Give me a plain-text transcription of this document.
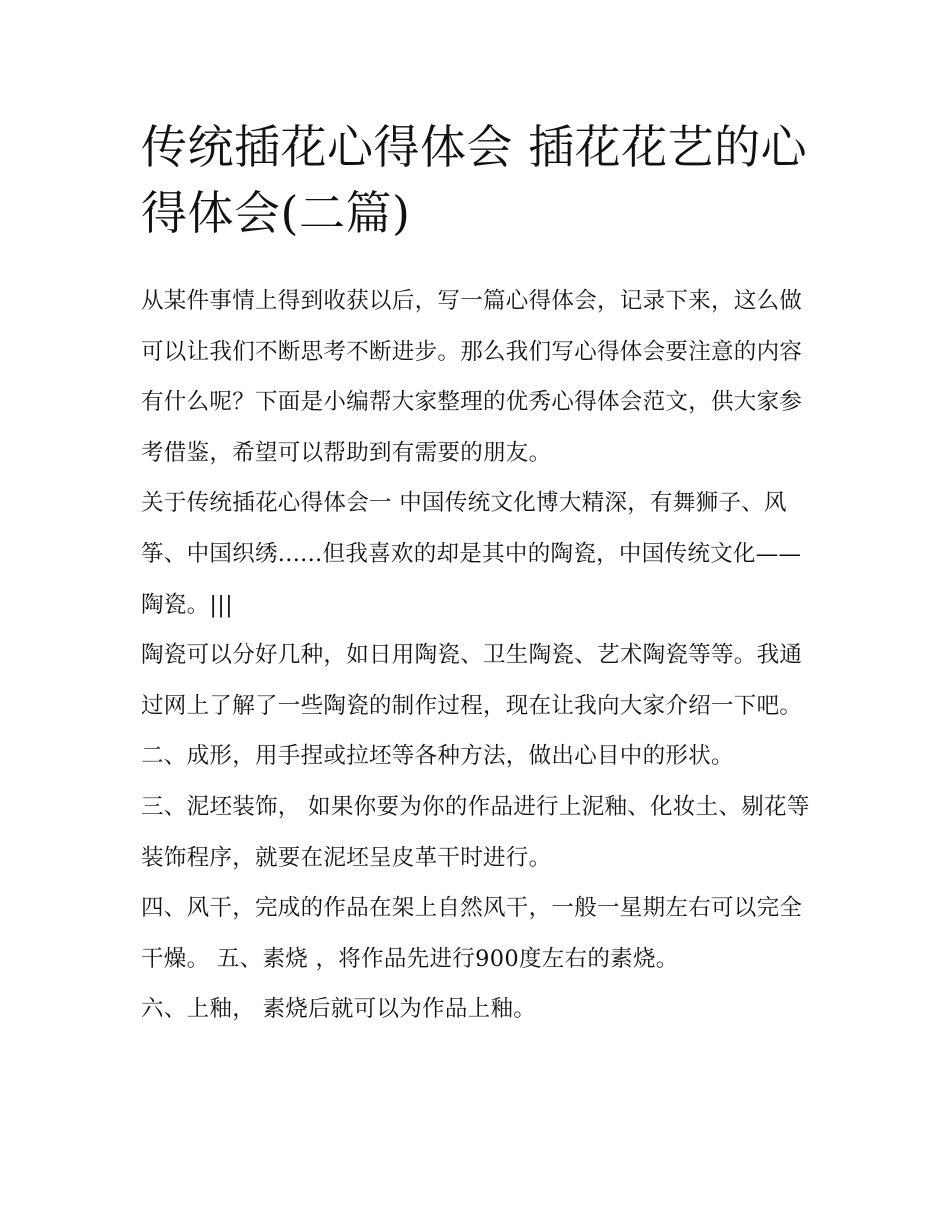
传统插花心得体会 插花花艺的心得体会(二篇)

从某件事情上得到收获以后，写一篇心得体会，记录下来，这么做可以让我们不断思考不断进步。那么我们写心得体会要注意的内容有什么呢？下面是小编帮大家整理的优秀心得体会范文，供大家参考借鉴，希望可以帮助到有需要的朋友。

关于传统插花心得体会一 中国传统文化博大精深，有舞狮子、风筝、中国织绣......但我喜欢的却是其中的陶瓷，中国传统文化——陶瓷。|||

陶瓷可以分好几种，如日用陶瓷、卫生陶瓷、艺术陶瓷等等。我通过网上了解了一些陶瓷的制作过程，现在让我向大家介绍一下吧。

二、成形，用手捏或拉坯等各种方法，做出心目中的形状。

三、泥坯装饰， 如果你要为你的作品进行上泥釉、化妆土、剔花等装饰程序，就要在泥坯呈皮革干时进行。

四、风干，完成的作品在架上自然风干，一般一星期左右可以完全干燥。 五、素烧 ，将作品先进行900度左右的素烧。

六、上釉， 素烧后就可以为作品上釉。
